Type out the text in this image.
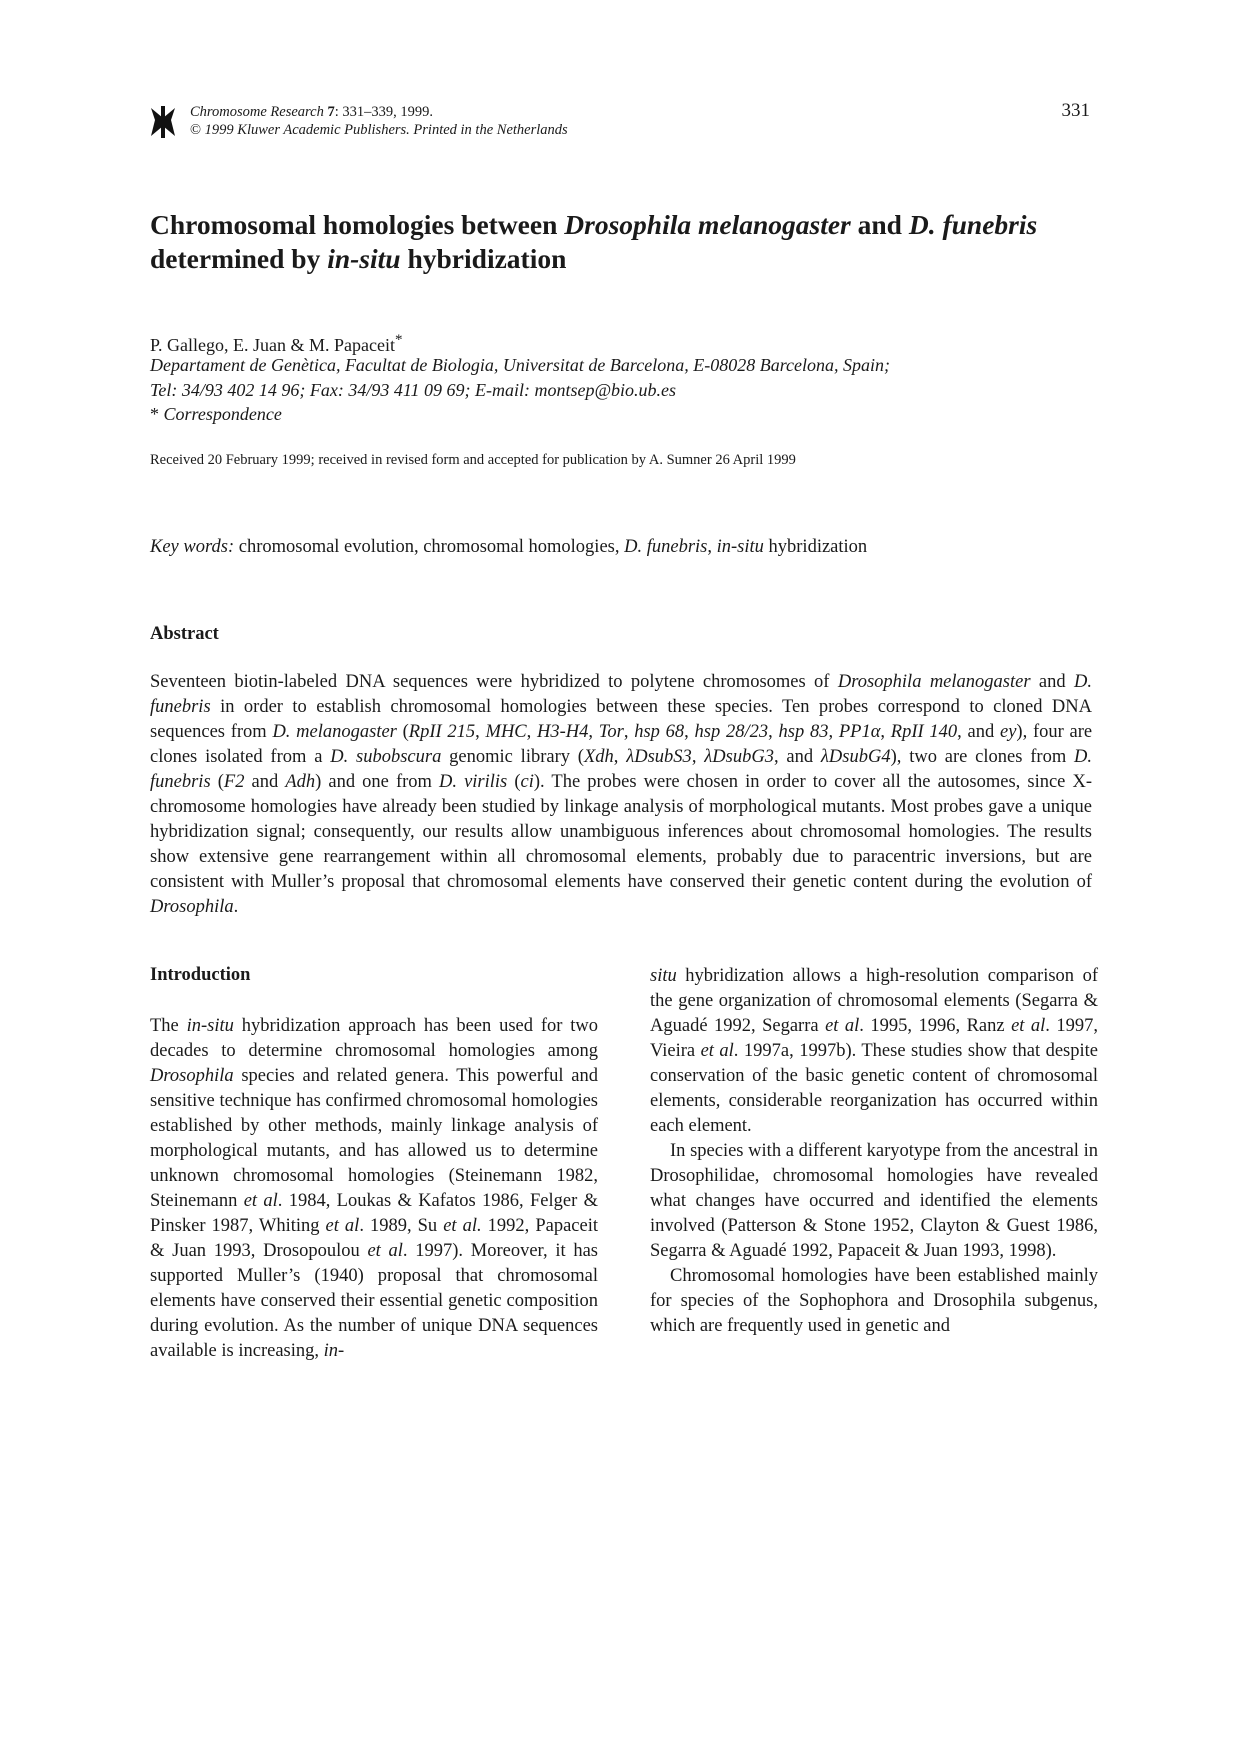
Chromosome Research 7: 331–339, 1999.
© 1999 Kluwer Academic Publishers. Printed in the Netherlands
331
Chromosomal homologies between Drosophila melanogaster and D. funebris
determined by in-situ hybridization
P. Gallego, E. Juan & M. Papaceit*
Departament de Genètica, Facultat de Biologia, Universitat de Barcelona, E-08028 Barcelona, Spain;
Tel: 34/93 402 14 96; Fax: 34/93 411 09 69; E-mail: montsep@bio.ub.es
* Correspondence
Received 20 February 1999; received in revised form and accepted for publication by A. Sumner 26 April 1999
Key words: chromosomal evolution, chromosomal homologies, D. funebris, in-situ hybridization
Abstract
Seventeen biotin-labeled DNA sequences were hybridized to polytene chromosomes of Drosophila melanogaster and D. funebris in order to establish chromosomal homologies between these species. Ten probes correspond to cloned DNA sequences from D. melanogaster (RpII 215, MHC, H3-H4, Tor, hsp 68, hsp 28/23, hsp 83, PP1α, RpII 140, and ey), four are clones isolated from a D. subobscura genomic library (Xdh, λDsubS3, λDsubG3, and λDsubG4), two are clones from D. funebris (F2 and Adh) and one from D. virilis (ci). The probes were chosen in order to cover all the autosomes, since X-chromosome homologies have already been studied by linkage analysis of morphological mutants. Most probes gave a unique hybridization signal; consequently, our results allow unambiguous inferences about chromosomal homologies. The results show extensive gene rearrangement within all chromosomal elements, probably due to paracentric inversions, but are consistent with Muller’s proposal that chromosomal elements have conserved their genetic content during the evolution of Drosophila.
Introduction

The in-situ hybridization approach has been used for two decades to determine chromosomal homologies among Drosophila species and related genera. This powerful and sensitive technique has confirmed chromosomal homologies established by other methods, mainly linkage analysis of morphological mutants, and has allowed us to determine unknown chromosomal homologies (Steinemann 1982, Steinemann et al. 1984, Loukas & Kafatos 1986, Felger & Pinsker 1987, Whiting et al. 1989, Su et al. 1992, Papaceit & Juan 1993, Drosopoulou et al. 1997). Moreover, it has supported Muller’s (1940) proposal that chromosomal elements have conserved their essential genetic composition during evolution. As the number of unique DNA sequences available is increasing, in-

situ hybridization allows a high-resolution comparison of the gene organization of chromosomal elements (Segarra & Aguadé 1992, Segarra et al. 1995, 1996, Ranz et al. 1997, Vieira et al. 1997a, 1997b). These studies show that despite conservation of the basic genetic content of chromosomal elements, considerable reorganization has occurred within each element.

In species with a different karyotype from the ancestral in Drosophilidae, chromosomal homologies have revealed what changes have occurred and identified the elements involved (Patterson & Stone 1952, Clayton & Guest 1986, Segarra & Aguadé 1992, Papaceit & Juan 1993, 1998).

Chromosomal homologies have been established mainly for species of the Sophophora and Drosophila subgenus, which are frequently used in genetic and
